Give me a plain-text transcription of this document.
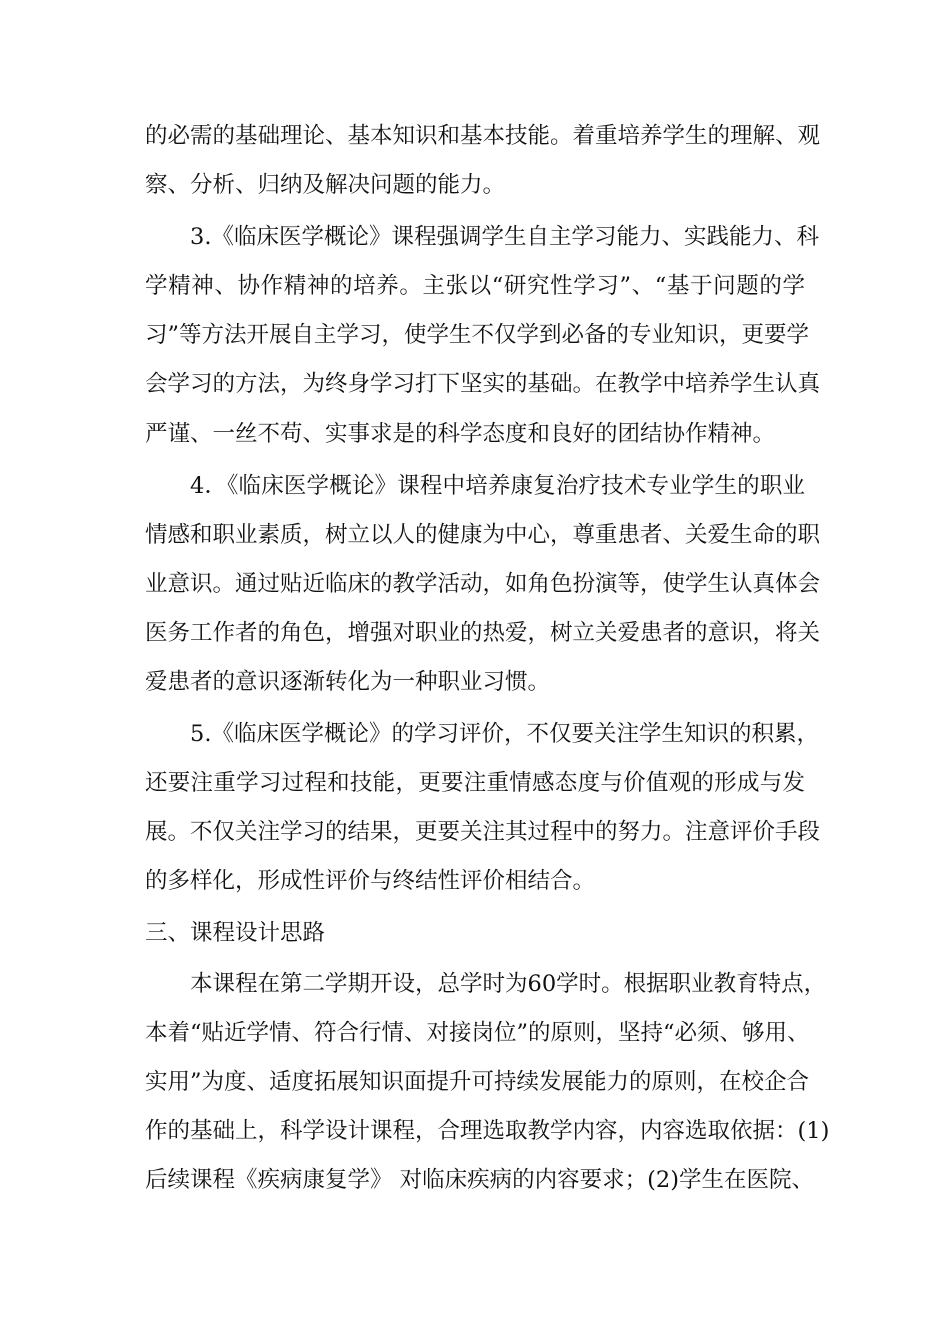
的必需的基础理论、基本知识和基本技能。着重培养学生的理解、观
察、分析、归纳及解决问题的能力。
3.《临床医学概论》课程强调学生自主学习能力、实践能力、科
学精神、协作精神的培养。主张以“研究性学习”、“基于问题的学
习”等方法开展自主学习，使学生不仅学到必备的专业知识，更要学
会学习的方法，为终身学习打下坚实的基础。在教学中培养学生认真
严谨、一丝不苟、实事求是的科学态度和良好的团结协作精神。
4．《临床医学概论》课程中培养康复治疗技术专业学生的职业
情感和职业素质，树立以人的健康为中心，尊重患者、关爱生命的职
业意识。通过贴近临床的教学活动，如角色扮演等，使学生认真体会
医务工作者的角色，增强对职业的热爱，树立关爱患者的意识，将关
爱患者的意识逐渐转化为一种职业习惯。
5.《临床医学概论》的学习评价，不仅要关注学生知识的积累，
还要注重学习过程和技能，更要注重情感态度与价值观的形成与发
展。不仅关注学习的结果，更要关注其过程中的努力。注意评价手段
的多样化，形成性评价与终结性评价相结合。
三、课程设计思路
本课程在第二学期开设，总学时为60学时。根据职业教育特点，
本着“贴近学情、符合行情、对接岗位”的原则，坚持“必须、够用、
实用”为度、适度拓展知识面提升可持续发展能力的原则，在校企合
作的基础上，科学设计课程，合理选取教学内容，内容选取依据：(1)
后续课程《疾病康复学》 对临床疾病的内容要求；(2)学生在医院、
